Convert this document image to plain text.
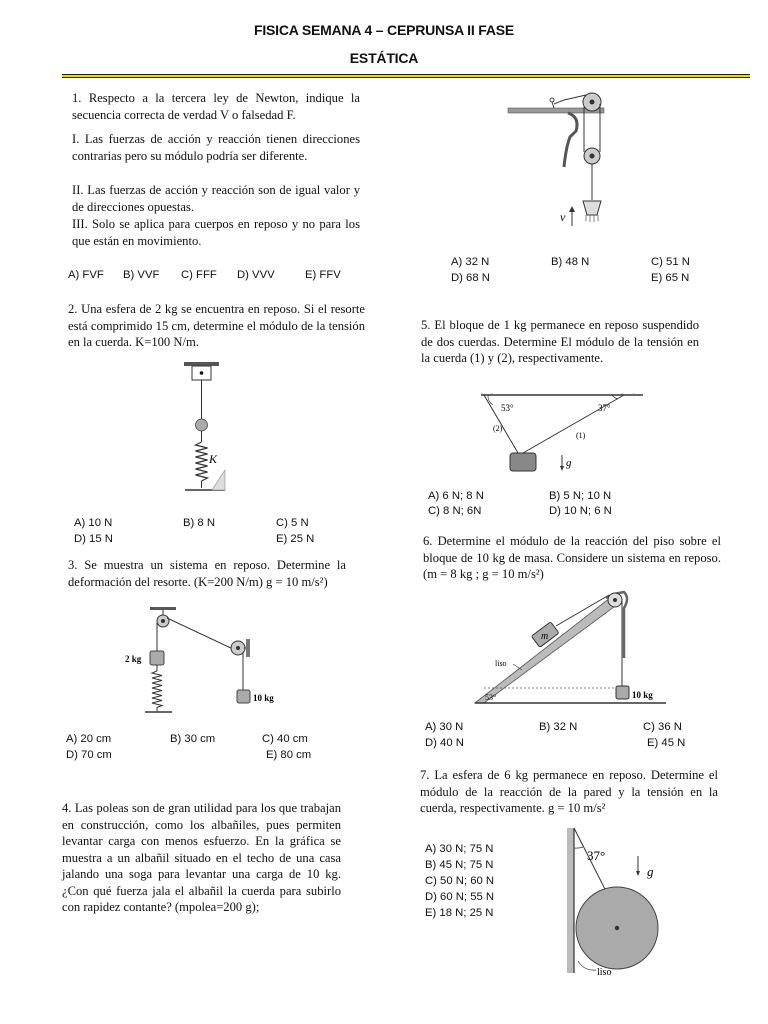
FISICA SEMANA 4 – CEPRUNSA II FASE
ESTÁTICA
1. Respecto a la tercera ley de Newton, indique la secuencia correcta de verdad V o falsedad F.
I. Las fuerzas de acción y reacción tienen direcciones contrarias pero su módulo podría ser diferente.
II. Las fuerzas de acción y reacción son de igual valor y de direcciones opuestas.
III. Solo se aplica para cuerpos en reposo y no para los que están en movimiento.
A) FVF B) VVF C) FFF D) VVV	E) FFV
2. Una esfera de 2 kg se encuentra en reposo. Si el resorte está comprimido 15 cm, determine el módulo de la tensión en la cuerda. K=100 N/m.
K
A) 10 N	B) 8 N	C) 5 N
D) 15 N	E) 25 N
3. Se muestra un sistema en reposo. Determine la deformación del resorte. (K=200 N/m) g = 10 m/s²)
2 kg
10 kg
A) 20 cm	B) 30 cm	C) 40 cm
D) 70 cm	E) 80 cm
4. Las poleas son de gran utilidad para los que trabajan en construcción, como los albañiles, pues permiten levantar carga con menos esfuerzo. En la gráfica se muestra a un albañil situado en el techo de una casa jalando una soga para levantar una carga de 10 kg. ¿Con qué fuerza jala el albañil la cuerda para subirlo con rapidez contante? (mpolea=200 g);
v
A) 32 N	B) 48 N	C) 51 N
D) 68 N	E) 65 N
5. El bloque de 1 kg permanece en reposo suspendido de dos cuerdas. Determine El módulo de la tensión en la cuerda (1) y (2), respectivamente.
53°	37°
(2)
(1)
g
A) 6 N; 8 N	B) 5 N; 10 N
C) 8 N; 6N	D) 10 N; 6 N
6. Determine el módulo de la reacción del piso sobre el bloque de 10 kg de masa. Considere un sistema en reposo. (m = 8 kg ; g = 10 m/s²)
m
10 kg
53°
liso
A) 30 N	B) 32 N	C) 36 N
D) 40 N	E) 45 N
7. La esfera de 6 kg permanece en reposo. Determine el módulo de la reacción de la pared y la tensión en la cuerda, respectivamente. g = 10 m/s²
37°
g
liso
A) 30 N; 75 N
B) 45 N; 75 N
C) 50 N; 60 N
D) 60 N; 55 N
E) 18 N; 25 N
